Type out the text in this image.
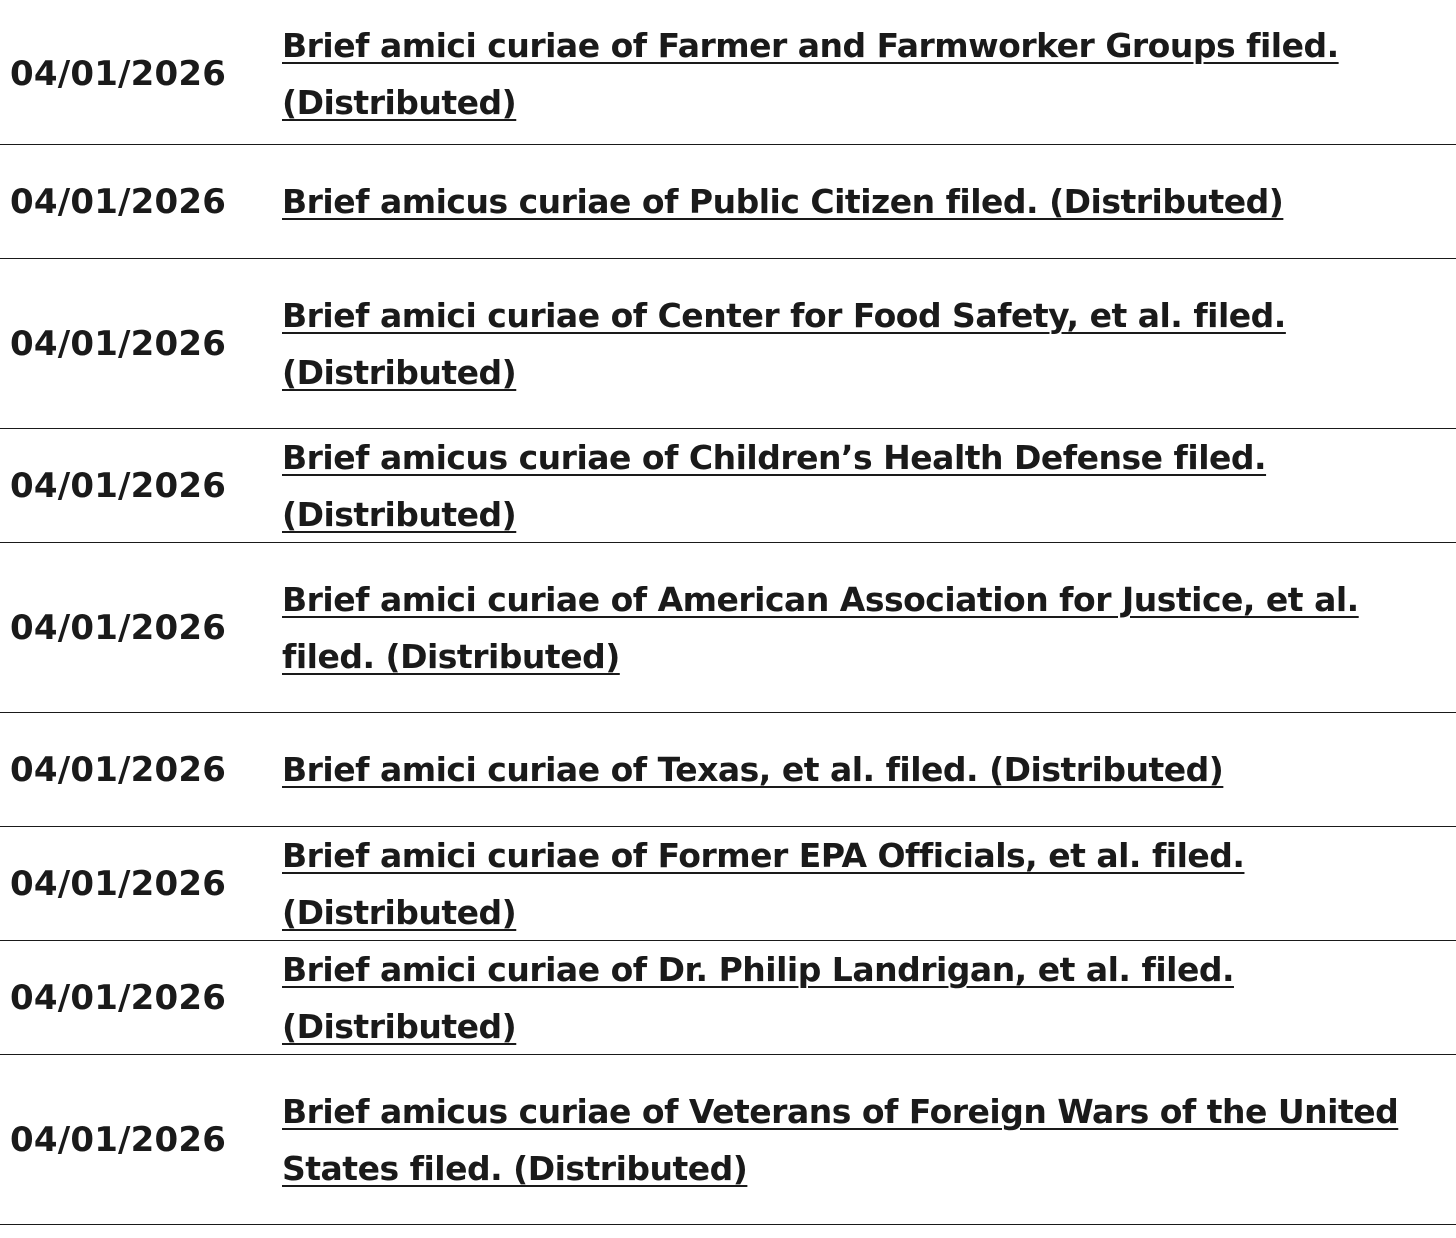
04/01/2026
Brief amici curiae of Farmer and Farmworker Groups filed. (Distributed)
04/01/2026	Brief amicus curiae of Public Citizen filed. (Distributed)
04/01/2026
Brief amici curiae of Center for Food Safety, et al. filed. (Distributed)
04/01/2026
Brief amicus curiae of Children’s Health Defense filed. (Distributed)
04/01/2026
Brief amici curiae of American Association for Justice, et al. filed. (Distributed)
04/01/2026	Brief amici curiae of Texas, et al. filed. (Distributed)
04/01/2026
Brief amici curiae of Former EPA Officials, et al. filed. (Distributed)
04/01/2026
Brief amici curiae of Dr. Philip Landrigan, et al. filed. (Distributed)
04/01/2026
Brief amicus curiae of Veterans of Foreign Wars of the United States filed. (Distributed)
